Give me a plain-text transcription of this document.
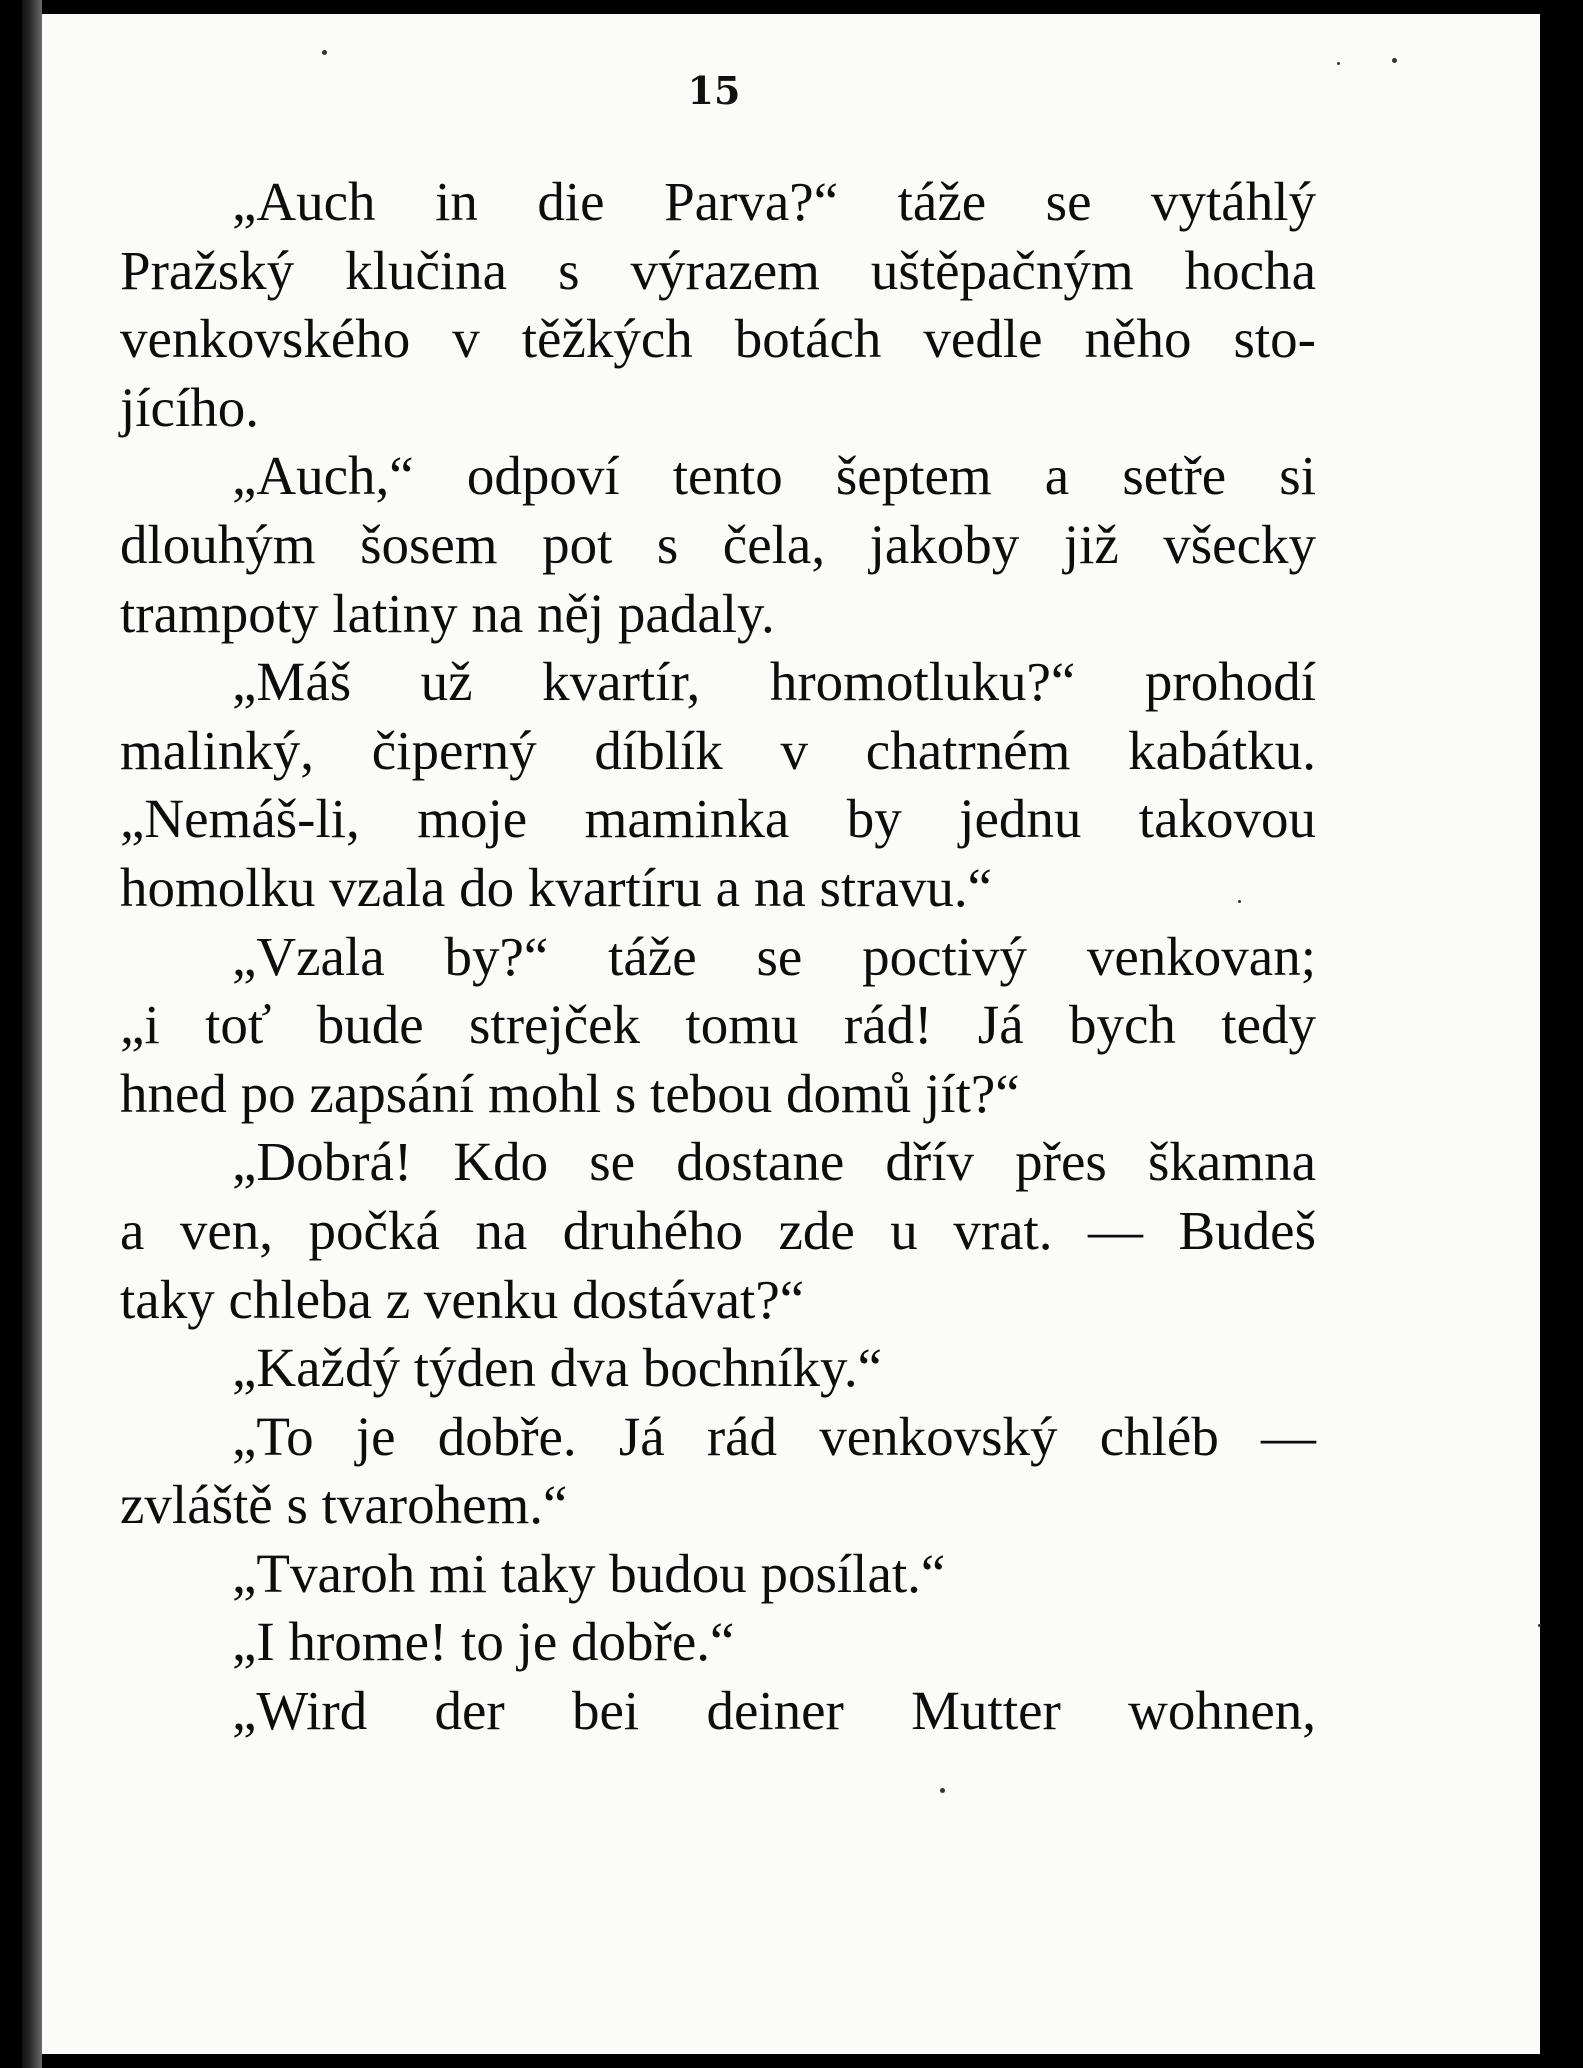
15
„Auch in die Parva?“ táže se vytáhlý
Pražský klučina s výrazem uštěpačným hocha
venkovského v těžkých botách vedle něho sto-
jícího.
„Auch,“ odpoví tento šeptem a setře si
dlouhým šosem pot s čela, jakoby již všecky
trampoty latiny na něj padaly.
„Máš už kvartír, hromotluku?“ prohodí
malinký, čiperný díblík v chatrném kabátku.
„Nemáš-li, moje maminka by jednu takovou
homolku vzala do kvartíru a na stravu.“
„Vzala by?“ táže se poctivý venkovan;
„i toť bude strejček tomu rád! Já bych tedy
hned po zapsání mohl s tebou domů jít?“
„Dobrá! Kdo se dostane dřív přes škamna
a ven, počká na druhého zde u vrat. — Budeš
taky chleba z venku dostávat?“
„Každý týden dva bochníky.“
„To je dobře. Já rád venkovský chléb —
zvláště s tvarohem.“
„Tvaroh mi taky budou posílat.“
„I hrome! to je dobře.“
„Wird der bei deiner Mutter wohnen,
